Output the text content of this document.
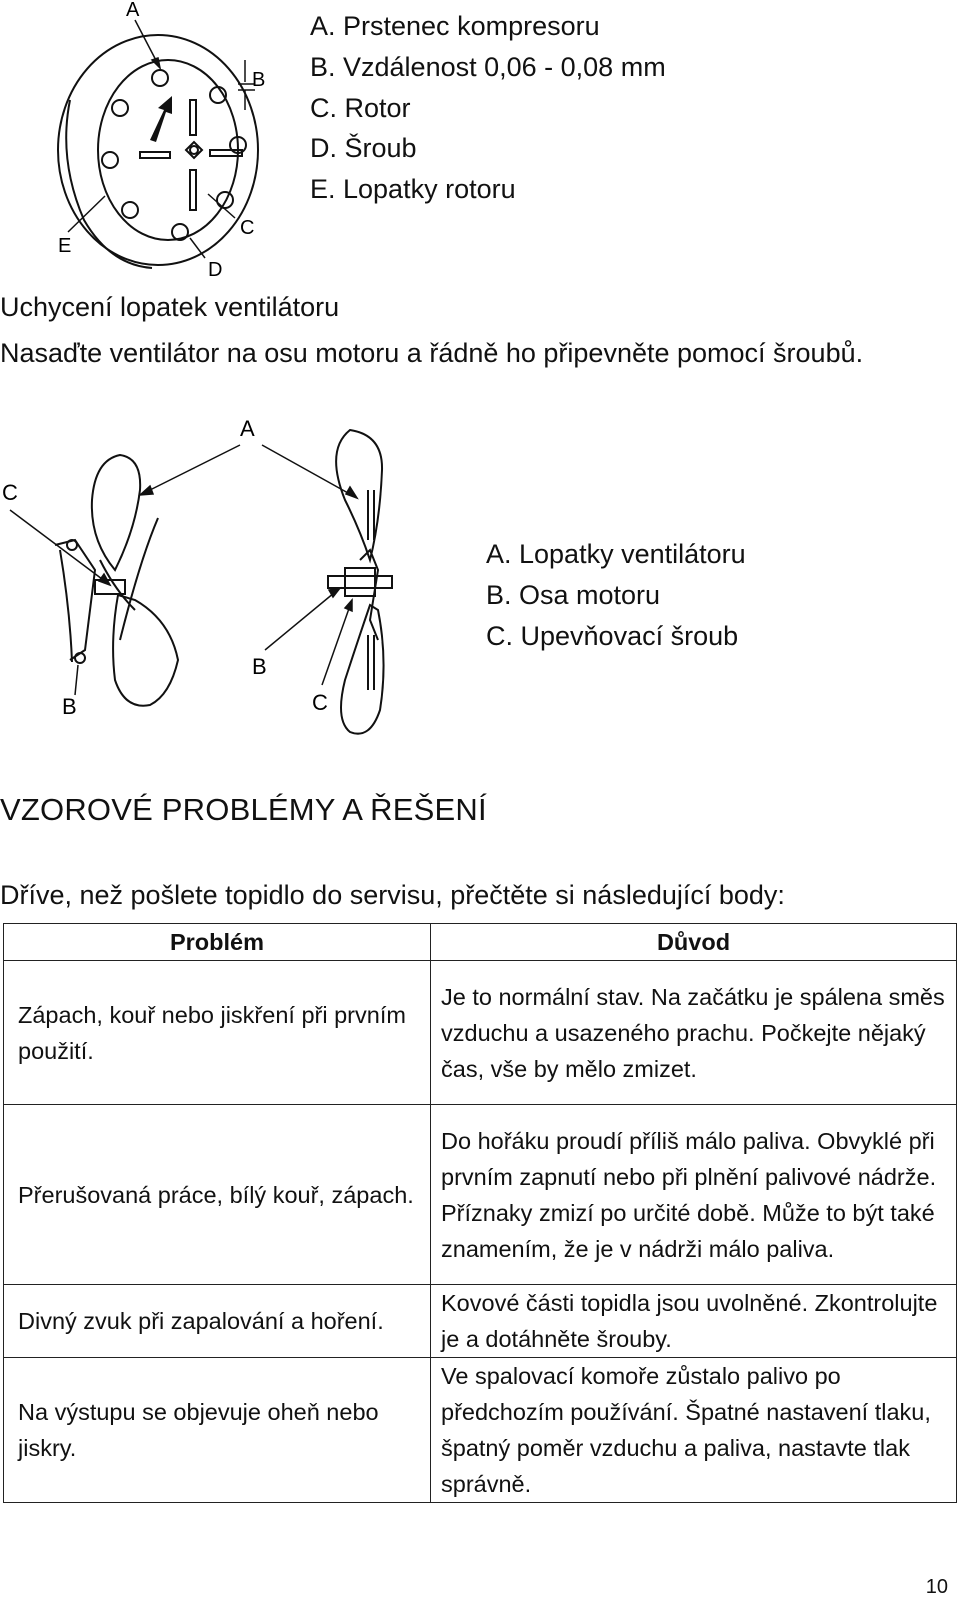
A
B
C
D
E
A. Prstenec kompresoru
B. Vzdálenost 0,06 - 0,08 mm
C. Rotor
D. Šroub
E. Lopatky rotoru
Uchycení lopatek ventilátoru
Nasaďte ventilátor na osu motoru a řádně ho připevněte pomocí šroubů.
A
C
B
B
C
A. Lopatky ventilátoru
B. Osa motoru
C. Upevňovací šroub
VZOROVÉ PROBLÉMY A ŘEŠENÍ
Dříve, než pošlete topidlo do servisu, přečtěte si následující body:
Problém	Důvod
Zápach, kouř nebo jiskření při prvním použití.	Je to normální stav. Na začátku je spálena směs vzduchu a usazeného prachu. Počkejte nějaký čas, vše by mělo zmizet.
Přerušovaná práce, bílý kouř, zápach.	Do hořáku proudí příliš málo paliva. Obvyklé při prvním zapnutí nebo při plnění palivové nádrže. Příznaky zmizí po určité době. Může to být také znamením, že je v nádrži málo paliva.
Divný zvuk při zapalování a hoření.	Kovové části topidla jsou uvolněné. Zkontrolujte je a dotáhněte šrouby.
Na výstupu se objevuje oheň nebo jiskry.	Ve spalovací komoře zůstalo palivo po předchozím používání. Špatné nastavení tlaku, špatný poměr vzduchu a paliva, nastavte tlak správně.
10
